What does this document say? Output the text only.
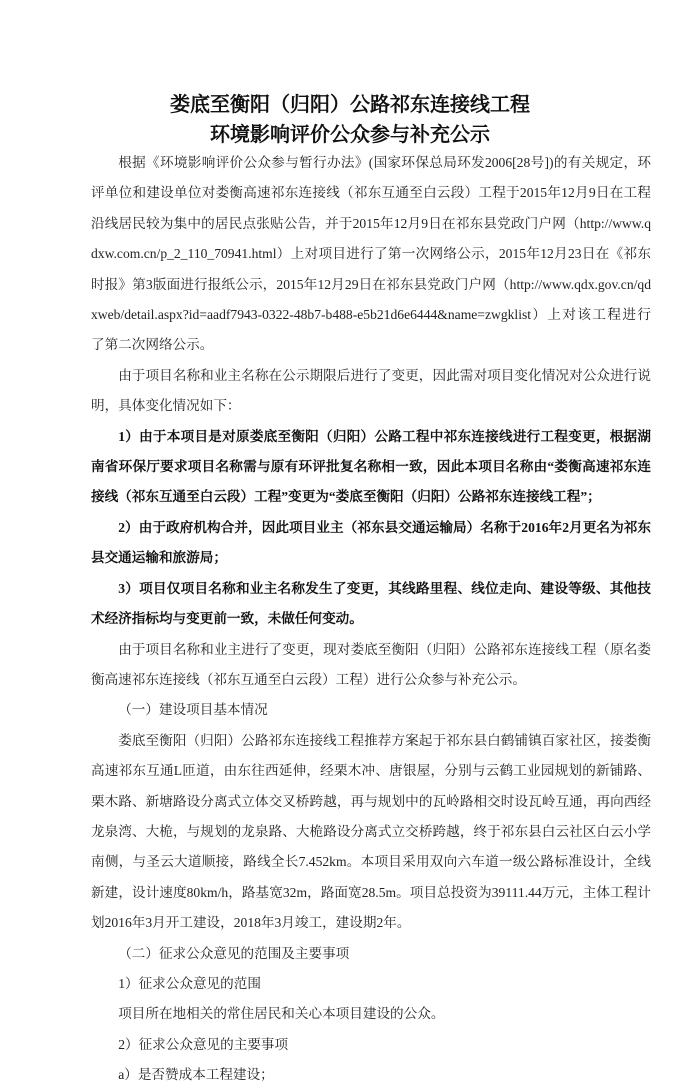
娄底至衡阳（归阳）公路祁东连接线工程
环境影响评价公众参与补充公示

根据《环境影响评价公众参与暂行办法》(国家环保总局环发2006[28号])的有关规定，环评单位和建设单位对娄衡高速祁东连接线（祁东互通至白云段）工程于2015年12月9日在工程沿线居民较为集中的居民点张贴公告，并于2015年12月9日在祁东县党政门户网（http://www.qdxw.com.cn/p_2_110_70941.html）上对项目进行了第一次网络公示，2015年12月23日在《祁东时报》第3版面进行报纸公示，2015年12月29日在祁东县党政门户网（http://www.qdx.gov.cn/qdxweb/detail.aspx?id=aadf7943-0322-48b7-b488-e5b21d6e6444&name=zwgklist）上对该工程进行了第二次网络公示。

由于项目名称和业主名称在公示期限后进行了变更，因此需对项目变化情况对公众进行说明，具体变化情况如下：

1）由于本项目是对原娄底至衡阳（归阳）公路工程中祁东连接线进行工程变更，根据湖南省环保厅要求项目名称需与原有环评批复名称相一致，因此本项目名称由“娄衡高速祁东连接线（祁东互通至白云段）工程”变更为“娄底至衡阳（归阳）公路祁东连接线工程”；

2）由于政府机构合并，因此项目业主（祁东县交通运输局）名称于2016年2月更名为祁东县交通运输和旅游局；

3）项目仅项目名称和业主名称发生了变更，其线路里程、线位走向、建设等级、其他技术经济指标均与变更前一致，未做任何变动。

由于项目名称和业主进行了变更，现对娄底至衡阳（归阳）公路祁东连接线工程（原名娄衡高速祁东连接线（祁东互通至白云段）工程）进行公众参与补充公示。

（一）建设项目基本情况

娄底至衡阳（归阳）公路祁东连接线工程推荐方案起于祁东县白鹤铺镇百家社区，接娄衡高速祁东互通L匝道，由东往西延伸，经栗木冲、唐银屋，分别与云鹤工业园规划的新铺路、栗木路、新塘路设分离式立体交叉桥跨越，再与规划中的瓦岭路相交时设瓦岭互通，再向西经龙泉湾、大桅，与规划的龙泉路、大桅路设分离式立交桥跨越，终于祁东县白云社区白云小学南侧，与圣云大道顺接，路线全长7.452km。本项目采用双向六车道一级公路标准设计，全线新建，设计速度80km/h，路基宽32m，路面宽28.5m。项目总投资为39111.44万元，主体工程计划2016年3月开工建设，2018年3月竣工，建设期2年。

（二）征求公众意见的范围及主要事项

1）征求公众意见的范围

项目所在地相关的常住居民和关心本项目建设的公众。

2）征求公众意见的主要事项

a）是否赞成本工程建设；
